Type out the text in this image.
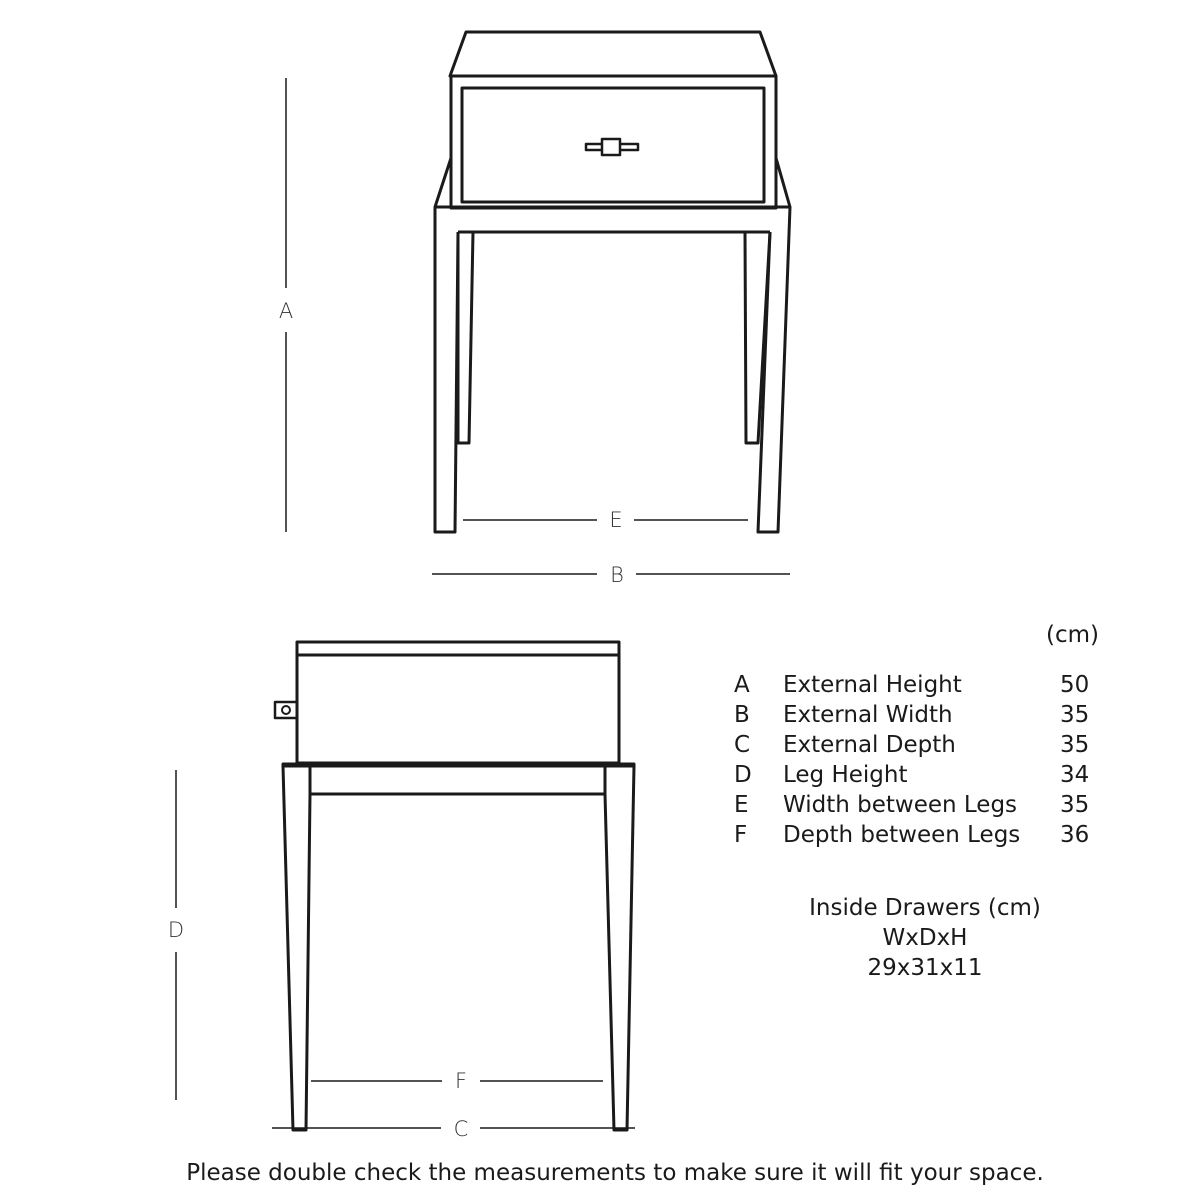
A
E
B
D
F
C
(cm)
A External Height	50
B External Width	35
C External Depth	35
D Leg Height	34
E Width between Legs 35
F Depth between Legs 36
Inside Drawers (cm)
WxDxH
29x31x11
Please double check the measurements to make sure it will fit your space.
